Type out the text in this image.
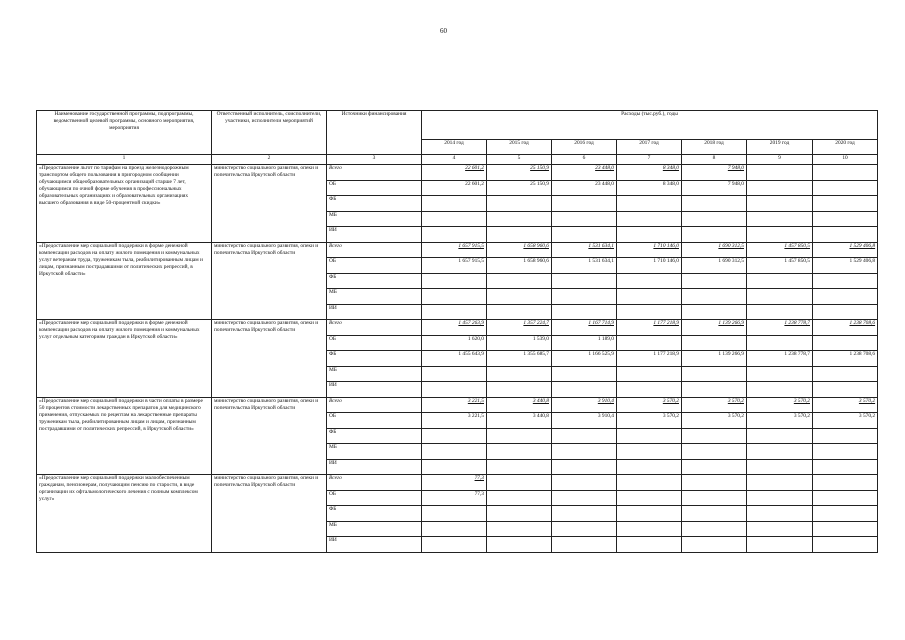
60
Наименование государственной программы, подпрограммы, ведомственной целевой программы, основного мероприятия, мероприятия	Ответственный исполнитель, соисполнители, участники, исполнители мероприятий	Источники финансирования	Расходы (тыс.руб.), годы						
			2014 год	2015 год	2016 год	2017 год	2018 год	2019 год	2020 год
1	2	3	4	5	6	7	8	9	10
«Предоставление льгот по тарифам на проезд железнодорожным транспортом общего пользования в пригородном сообщении обучающимся общеобразовательных организаций старше 7 лет, обучающимся по очной форме обучения в профессиональных образовательных организациях и образовательных организациях высшего образования в виде 50-процентной скидки»	министерство социального развития, опеки и попечительства Иркутской области	Всего	22 601,2	25 150,9	23 448,0	8 348,0	7 948,0		
		ОБ	22 601,2	25 150,9	23 448,0	8 348,0	7 948,0		
		ФБ							
		МБ							
		ИИ							
«Предоставление мер социальной поддержки в форме денежной компенсации расходов на оплату жилого помещения и коммунальных услуг ветеранам труда, труженикам тыла, реабилитированным лицам и лицам, признанным пострадавшими от политических репрессий, в Иркутской области»	министерство социального развития, опеки и попечительства Иркутской области	Всего	1 657 915,5	1 658 960,6	1 531 634,1	1 710 146,0	1 690 312,5	1 457 850,5	1 529 406,8
		ОБ	1 657 915,5	1 658 960,6	1 531 634,1	1 710 146,0	1 690 312,5	1 457 850,5	1 529 406,8
		ФБ							
		МБ							
		ИИ							
«Предоставление мер социальной поддержки в форме денежной компенсации расходов на оплату жилого помещения и коммунальных услуг отдельным категориям граждан в Иркутской области»	министерство социального развития, опеки и попечительства Иркутской области	Всего	1 457 263,9	1 357 224,7	1 167 714,9	1 177 218,9	1 139 266,9	1 238 778,7	1 238 708,6
		ОБ	1 620,0	1 539,0	1 189,0				
		ФБ	1 455 643,9	1 355 685,7	1 166 525,9	1 177 218,9	1 139 266,9	1 238 778,7	1 238 708,6
		МБ							
		ИИ							
«Предоставление мер социальной поддержки в части оплаты в размере 50 процентов стоимости лекарственных препаратов для медицинского применения, отпускаемых по рецептам на лекарственные препараты труженикам тыла, реабилитированным лицам и лицам, признанным пострадавшими от политических репрессий, в Иркутской области»	министерство социального развития, опеки и попечительства Иркутской области	Всего	3 221,5	3 440,8	3 910,4	3 570,2	3 570,2	3 570,2	3 570,2
		ОБ	3 221,5	3 440,8	3 910,4	3 570,2	3 570,2	3 570,2	3 570,2
		ФБ							
		МБ							
		ИИ							
«Предоставление мер социальной поддержки малообеспеченным гражданам, пенсионерам, получающим пенсию по старости, в виде организации их офтальмологического лечения с полным комплексом услуг»	министерство социального развития, опеки и попечительства Иркутской области	Всего	77,3						
		ОБ	77,3						
		ФБ							
		МБ							
		ИИ							
